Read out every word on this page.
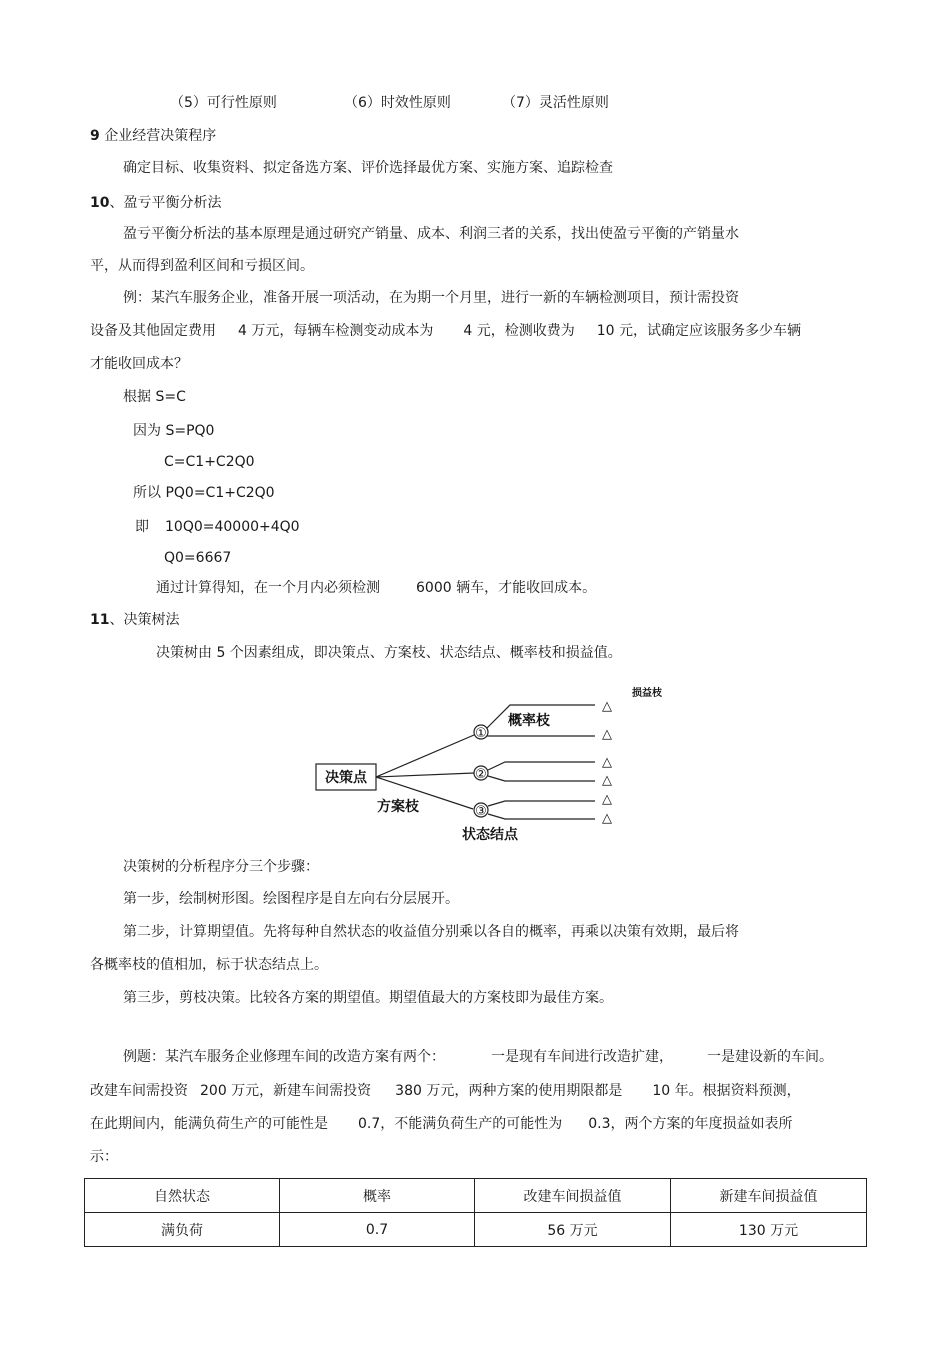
（5）可行性原则	（6）时效性原则	（7）灵活性原则
9 企业经营决策程序
确定目标、收集资料、拟定备选方案、评价选择最优方案、实施方案、追踪检查
10、盈亏平衡分析法
盈亏平衡分析法的基本原理是通过研究产销量、成本、利润三者的关系，找出使盈亏平衡的产销量水
平，从而得到盈利区间和亏损区间。
例：某汽车服务企业，准备开展一项活动，在为期一个月里，进行一新的车辆检测项目，预计需投资
设备及其他固定费用 4 万元，每辆车检测变动成本为 4 元，检测收费为 10 元，试确定应该服务多少车辆
才能收回成本？
根据 S=C
因为 S=PQ0
C=C1+C2Q0
所以 PQ0=C1+C2Q0
即 10Q0=40000+4Q0
Q0=6667
通过计算得知，在一个月内必须检测	6000 辆车，才能收回成本。
11、决策树法
决策树由 5 个因素组成，即决策点、方案枝、状态结点、概率枝和损益值。
决策点
方案枝
概率枝
状态结点
损益枝
①
②
③
△
△
△
△
△
△
决策树的分析程序分三个步骤：
第一步，绘制树形图。绘图程序是自左向右分层展开。
第二步，计算期望值。先将每种自然状态的收益值分别乘以各自的概率，再乘以决策有效期，最后将
各概率枝的值相加，标于状态结点上。
第三步，剪枝决策。比较各方案的期望值。期望值最大的方案枝即为最佳方案。
例题：某汽车服务企业修理车间的改造方案有两个：	一是现有车间进行改造扩建， 一是建设新的车间。
改建车间需投资 200 万元，新建车间需投资 380 万元，两种方案的使用期限都是 10 年。根据资料预测，
在此期间内，能满负荷生产的可能性是 0.7，不能满负荷生产的可能性为 0.3，两个方案的年度损益如表所
示：
自然状态	概率	改建车间损益值	新建车间损益值
满负荷	0.7	56 万元	130 万元
